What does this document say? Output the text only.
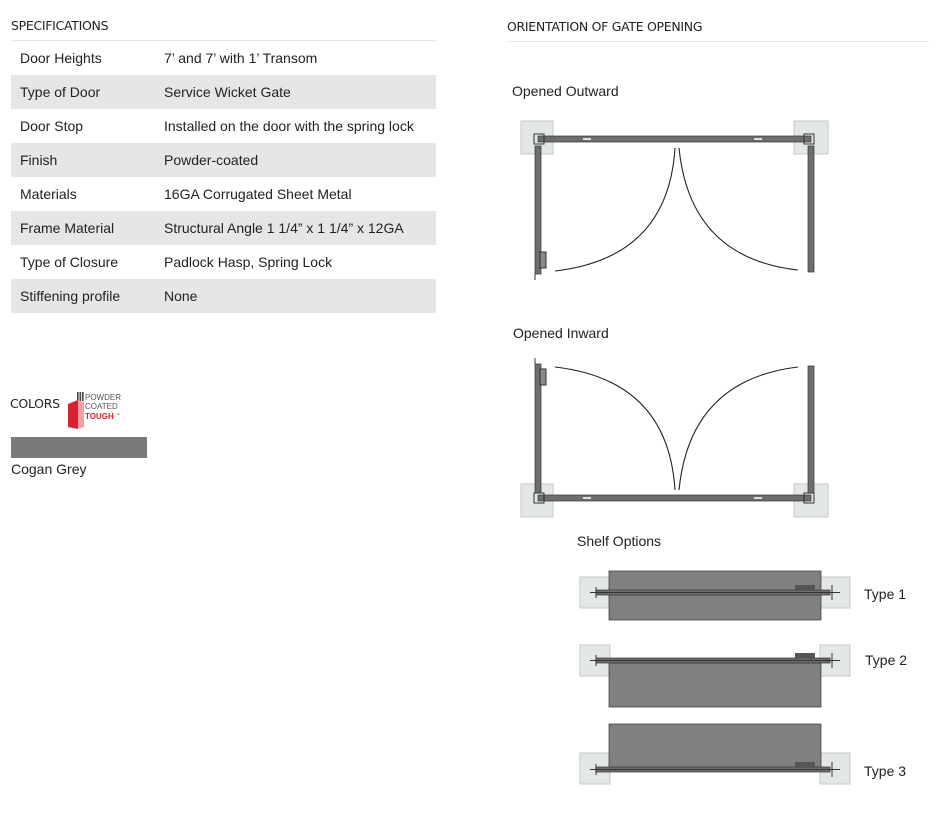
SPECIFICATIONS
Door Heights	7’ and 7’ with 1’ Transom
Type of Door	Service Wicket Gate
Door Stop	Installed on the door with the spring lock
Finish	Powder-coated
Materials	16GA Corrugated Sheet Metal
Frame Material	Structural Angle 1 1/4” x 1 1/4” x 12GA
Type of Closure	Padlock Hasp, Spring Lock
Stiffening profile	None
COLORS	POWDER
COATED
TOUGH ™
Cogan Grey
ORIENTATION OF GATE OPENING
Opened Outward
Opened Inward
Shelf Options
Type 1
Type 2
Type 3
